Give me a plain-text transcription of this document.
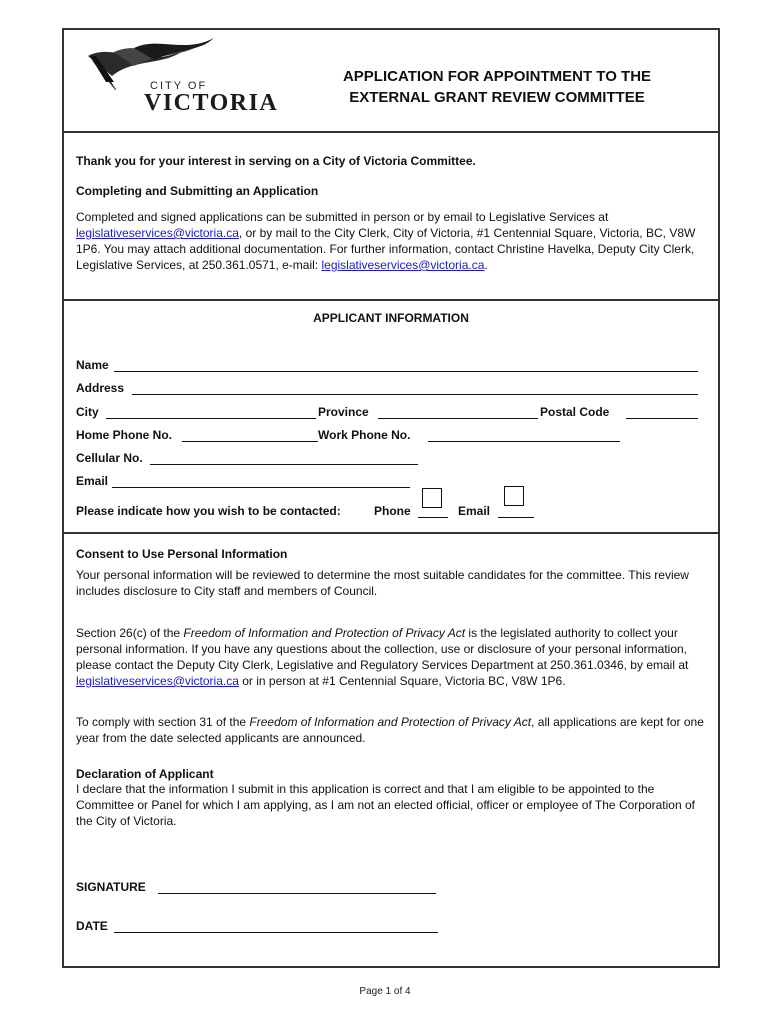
CITY OF
VICTORIA
APPLICATION FOR APPOINTMENT TO THE
EXTERNAL GRANT REVIEW COMMITTEE

Thank you for your interest in serving on a City of Victoria Committee.

Completing and Submitting an Application

Completed and signed applications can be submitted in person or by email to Legislative Services at legislativeservices@victoria.ca, or by mail to the City Clerk, City of Victoria, #1 Centennial Square, Victoria, BC, V8W 1P6. You may attach additional documentation. For further information, contact Christine Havelka, Deputy City Clerk, Legislative Services, at 250.361.0571, e-mail: legislativeservices@victoria.ca.

APPLICANT INFORMATION
Name
Address
City	Province	Postal Code
Home Phone No.	Work Phone No.
Cellular No.
Email
Please indicate how you wish to be contacted:	Phone	Email

Consent to Use Personal Information

Your personal information will be reviewed to determine the most suitable candidates for the committee. This review includes disclosure to City staff and members of Council.

Section 26(c) of the Freedom of Information and Protection of Privacy Act is the legislated authority to collect your personal information. If you have any questions about the collection, use or disclosure of your personal information, please contact the Deputy City Clerk, Legislative and Regulatory Services Department at 250.361.0346, by email at legislativeservices@victoria.ca or in person at #1 Centennial Square, Victoria BC, V8W 1P6.

To comply with section 31 of the Freedom of Information and Protection of Privacy Act, all applications are kept for one year from the date selected applicants are announced.

Declaration of Applicant

I declare that the information I submit in this application is correct and that I am eligible to be appointed to the Committee or Panel for which I am applying, as I am not an elected official, officer or employee of The Corporation of the City of Victoria.

SIGNATURE
DATE
Page 1 of 4
